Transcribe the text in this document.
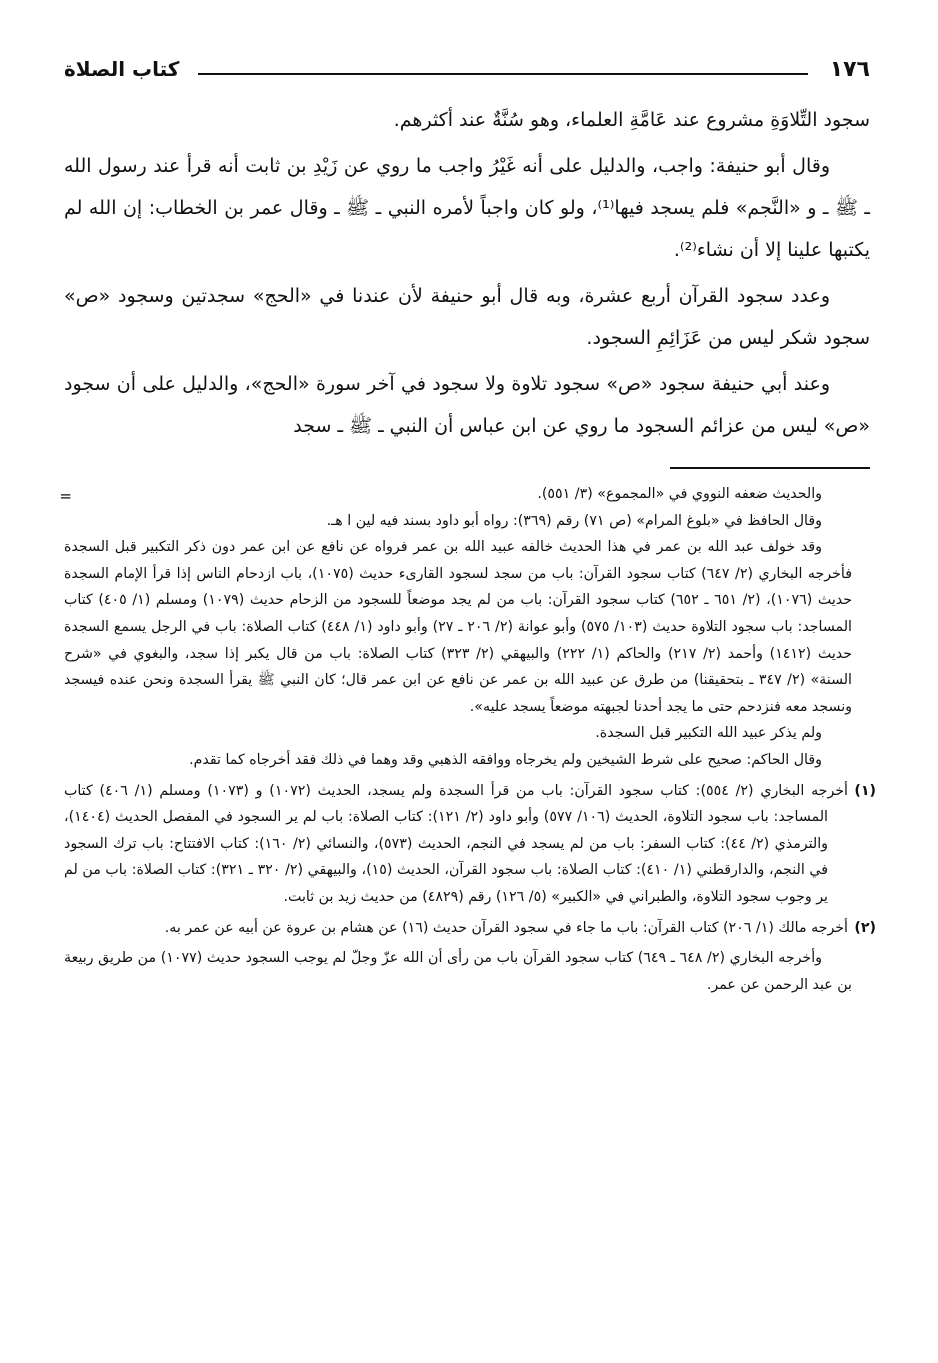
١٧٦
كتاب الصلاة

سجود التِّلاوَةِ مشروع عند عَامَّةِ العلماء، وهو سُنَّةٌ عند أكثرهم.

وقال أبو حنيفة: واجب، والدليل على أنه غَيْرُ واجب ما روي عن زَيْدِ بن ثابت أنه قرأ عند رسول الله ـ ﷺ ـ و «النَّجم» فلم يسجد فيها⁽¹⁾، ولو كان واجباً لأمره النبي ـ ﷺ ـ وقال عمر بن الخطاب: إن الله لم يكتبها علينا إلا أن نشاء⁽²⁾.

وعدد سجود القرآن أربع عشرة، وبه قال أبو حنيفة لأن عندنا في «الحج» سجدتين وسجود «ص» سجود شكر ليس من عَزَائِمِ السجود.

وعند أبي حنيفة سجود «ص» سجود تلاوة ولا سجود في آخر سورة «الحج»، والدليل على أن سجود «ص» ليس من عزائم السجود ما روي عن ابن عباس أن النبي ـ ﷺ ـ سجد

=	والحديث ضعفه النووي في «المجموع» (٣/ ٥٥١).

وقال الحافظ في «بلوغ المرام» (ص ٧١) رقم (٣٦٩): رواه أبو داود بسند فيه لين ا هـ.

وقد خولف عبد الله بن عمر في هذا الحديث خالفه عبيد الله بن عمر فرواه عن نافع عن ابن عمر دون ذكر التكبير قبل السجدة فأخرجه البخاري (٢/ ٦٤٧) كتاب سجود القرآن: باب من سجد لسجود القارىء حديث (١٠٧٥)، باب ازدحام الناس إذا قرأ الإمام السجدة حديث (١٠٧٦)، (٢/ ٦٥١ ـ ٦٥٢) كتاب سجود القرآن: باب من لم يجد موضعاً للسجود من الزحام حديث (١٠٧٩) ومسلم (١/ ٤٠٥) كتاب المساجد: باب سجود التلاوة حديث (١٠٣/ ٥٧٥) وأبو عوانة (٢/ ٢٠٦ ـ ٢٧) وأبو داود (١/ ٤٤٨) كتاب الصلاة: باب في الرجل يسمع السجدة حديث (١٤١٢) وأحمد (٢/ ٢١٧) والحاكم (١/ ٢٢٢) والبيهقي (٢/ ٣٢٣) كتاب الصلاة: باب من قال يكبر إذا سجد، والبغوي في «شرح السنة» (٢/ ٣٤٧ ـ بتحقيقنا) من طرق عن عبيد الله بن عمر عن نافع عن ابن عمر قال؛ كان النبي ﷺ يقرأ السجدة ونحن عنده فيسجد ونسجد معه فنزدحم حتى ما يجد أحدنا لجبهته موضعاً يسجد عليه».

ولم يذكر عبيد الله التكبير قبل السجدة.

وقال الحاكم: صحيح على شرط الشيخين ولم يخرجاه ووافقه الذهبي وقد وهما في ذلك فقد أخرجاه كما تقدم.

(١)أخرجه البخاري (٢/ ٥٥٤): كتاب سجود القرآن: باب من قرأ السجدة ولم يسجد، الحديث (١٠٧٢) و (١٠٧٣) ومسلم (١/ ٤٠٦) كتاب المساجد: باب سجود التلاوة، الحديث (١٠٦/ ٥٧٧) وأبو داود (٢/ ١٢١): كتاب الصلاة: باب لم ير السجود في المفصل الحديث (١٤٠٤)، والترمذي (٢/ ٤٤): كتاب السفر: باب من لم يسجد في النجم، الحديث (٥٧٣)، والنسائي (٢/ ١٦٠): كتاب الافتتاح: باب ترك السجود في النجم، والدارقطني (١/ ٤١٠): كتاب الصلاة: باب سجود القرآن، الحديث (١٥)، والبيهقي (٢/ ٣٢٠ ـ ٣٢١): كتاب الصلاة: باب من لم ير وجوب سجود التلاوة، والطبراني في «الكبير» (٥/ ١٢٦) رقم (٤٨٢٩) من حديث زيد بن ثابت.

(٢)أخرجه مالك (١/ ٢٠٦) كتاب القرآن: باب ما جاء في سجود القرآن حديث (١٦) عن هشام بن عروة عن أبيه عن عمر به.

وأخرجه البخاري (٢/ ٦٤٨ ـ ٦٤٩) كتاب سجود القرآن باب من رأى أن الله عزّ وجلّ لم يوجب السجود حديث (١٠٧٧) من طريق ربيعة بن عبد الرحمن عن عمر.
